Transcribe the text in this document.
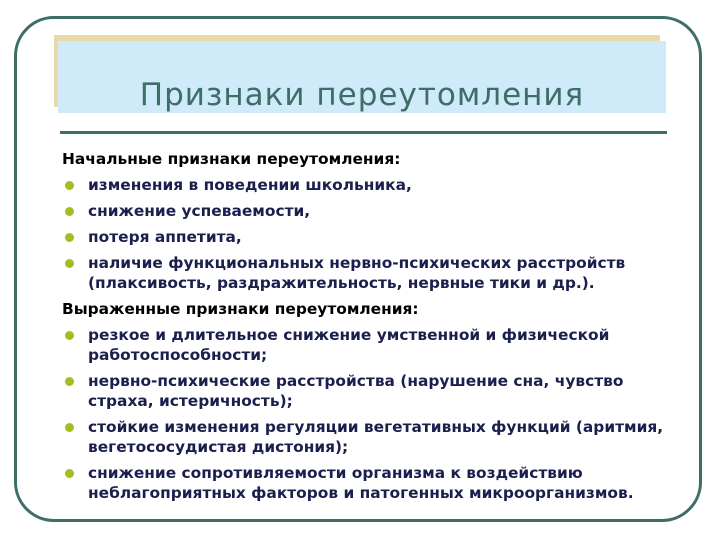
Признаки переутомления
Начальные признаки переутомления:
изменения в поведении школьника,
снижение успеваемости,
потеря аппетита,
наличие функциональных нервно-психических расстройств (плаксивость, раздражительность, нервные тики и др.).
Выраженные признаки переутомления:
резкое и длительное снижение умственной и физической работоспособности;
нервно-психические расстройства (нарушение сна, чувство страха, истеричность);
стойкие изменения регуляции вегетативных функций (аритмия, вегетососудистая дистония);
снижение сопротивляемости организма к воздействию неблагоприятных факторов и патогенных микроорганизмов.
